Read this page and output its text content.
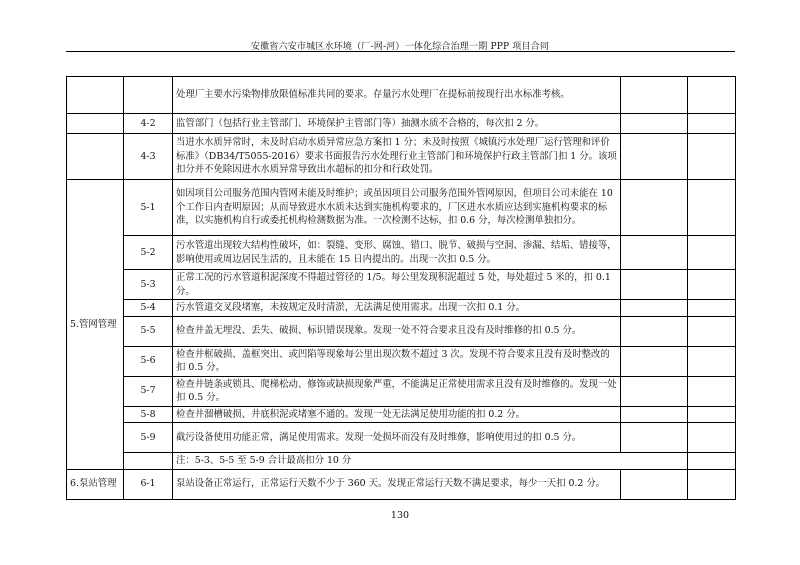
安徽省六安市城区水环境（厂-网-河）一体化综合治理一期 PPP 项目合同
		处理厂主要水污染物排放限值标准共同的要求。存量污水处理厂在提标前按现行出水标准考核。			
	4-2	监管部门（包括行业主管部门、环境保护主管部门等）抽测水质不合格的，每次扣 2 分。			
	4-3	当进水水质异常时，未及时启动水质异常应急方案扣 1 分；未及时按照《城镇污水处理厂运行管理和评价标准》（DB34/T5055-2016）要求书面报告污水处理行业主管部门和环境保护行政主管部门扣 1 分。该项扣分并不免除因进水水质异常导致出水超标的扣分和行政处罚。			
5.管网管理	5-1	如因项目公司服务范围内管网未能及时维护；或虽因项目公司服务范围外管网原因，但项目公司未能在 10 个工作日内查明原因；从而导致进水水质未达到实施机构要求的，厂区进水水质应达到实施机构要求的标准，以实施机构自行或委托机构检测数据为准。一次检测不达标，扣 0.6 分，每次检测单独扣分。			
	5-2	污水管道出现较大结构性破坏，如：裂缝、变形、腐蚀、错口、脱节、破损与空洞、渗漏、结垢、错接等，影响使用或周边居民生活的，且未能在 15 日内提出的。出现一次扣 0.5 分。			
	5-3	正常工况的污水管道积泥深度不得超过管径的 1/5。每公里发现积泥超过 5 处，每处超过 5 米的，扣 0.1 分。			
	5-4	污水管道交叉段堵塞，未按规定及时清淤，无法满足使用需求。出现一次扣 0.1 分。			
	5-5	检查井盖无埋没、丢失、破损、标识错误现象。发现一处不符合要求且没有及时维修的扣 0.5 分。			
	5-6	检查井框破损、盖框突出、或凹陷等现象每公里出现次数不超过 3 次。发现不符合要求且没有及时整改的扣 0.5 分。			
	5-7	检查井链条或锁具、爬梯松动、修饰或缺损现象严重，不能满足正常使用需求且没有及时维修的。发现一处扣 0.5 分。			
	5-8	检查井溜槽破损、井底积泥或堵塞不通的。发现一处无法满足使用功能的扣 0.2 分。			
	5-9	截污设备使用功能正常，满足使用需求。发现一处损坏而没有及时维修，影响使用过的扣 0.5 分。			
		注：5-3、5-5 至 5-9 合计最高扣分 10 分			
6.泵站管理	6-1	泵站设备正常运行，正常运行天数不少于 360 天。发现正常运行天数不满足要求，每少一天扣 0.2 分。			
130
